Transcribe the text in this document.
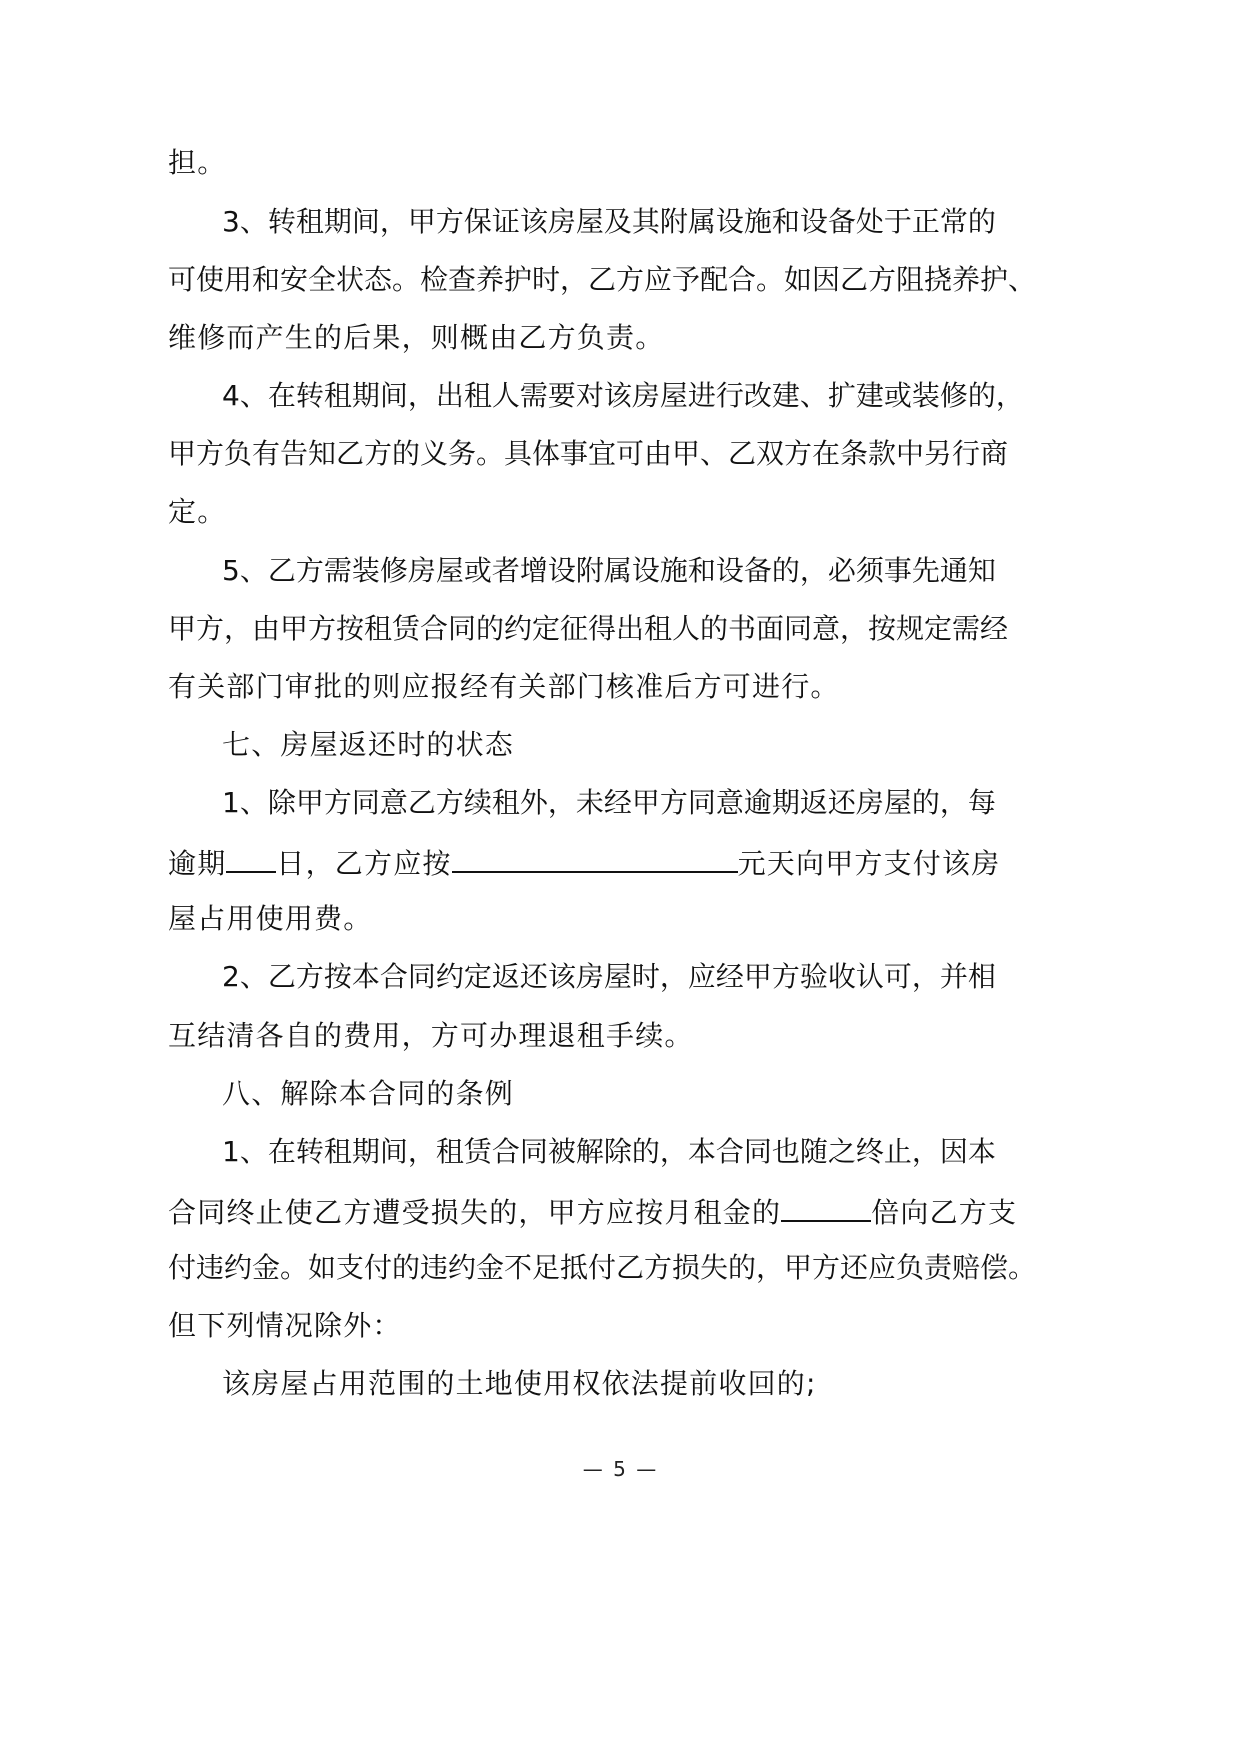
担。
3、转租期间，甲方保证该房屋及其附属设施和设备处于正常的
可使用和安全状态。检查养护时，乙方应予配合。如因乙方阻挠养护、
维修而产生的后果，则概由乙方负责。
4、在转租期间，出租人需要对该房屋进行改建、扩建或装修的，
甲方负有告知乙方的义务。具体事宜可由甲、乙双方在条款中另行商
定。
5、乙方需装修房屋或者增设附属设施和设备的，必须事先通知
甲方，由甲方按租赁合同的约定征得出租人的书面同意，按规定需经
有关部门审批的则应报经有关部门核准后方可进行。
七、房屋返还时的状态
1、除甲方同意乙方续租外，未经甲方同意逾期返还房屋的，每
逾期 日，乙方应按	元天向甲方支付该房
屋占用使用费。
2、乙方按本合同约定返还该房屋时，应经甲方验收认可，并相
互结清各自的费用，方可办理退租手续。
八、解除本合同的条例
1、在转租期间，租赁合同被解除的，本合同也随之终止，因本
合同终止使乙方遭受损失的，甲方应按月租金的	倍向乙方支
付违约金。如支付的违约金不足抵付乙方损失的，甲方还应负责赔偿。
但下列情况除外：
该房屋占用范围的土地使用权依法提前收回的;
— 5 —
